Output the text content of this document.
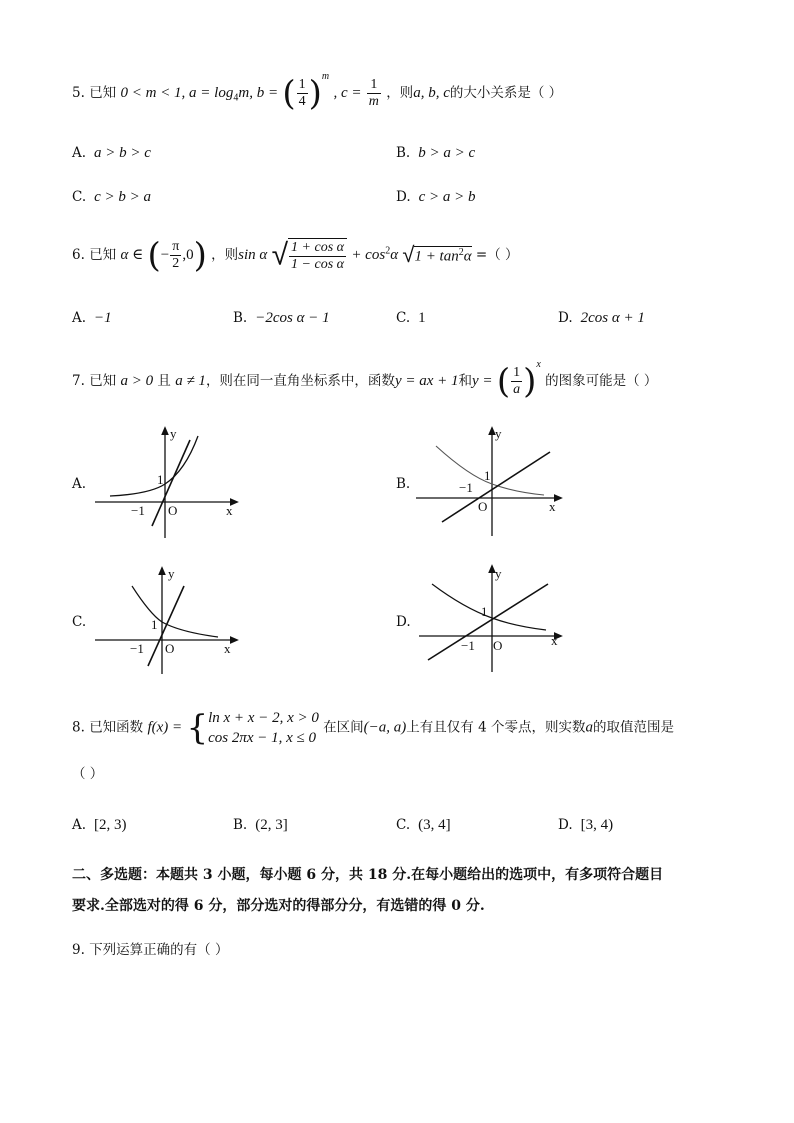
5. 已知 0 < m < 1, $a = \log_4m$, b = ( $\frac{1}{4} )^m$ , $c = \frac{1}{m}$ ，则a, b, c的大小关系是（ ）
A. a > b > c	B. b > a > c
C. c > b > a	D. c > a > b
6. 已知 α ∈ (− $\frac{\pi}{2} ,0$) ，则sin α √ $\frac{\text{1 + cos α}}{\text{1 − cos α}} + \cos^2\alpha$ $√1 + \tan^2\alpha$ =（ ）
A. −1	B. −2cos α − 1	C. 1	D. 2cos α + 1
7. 已知 a > 0 且 a ≠ 1，则在同一直角坐标系中，函数y = ax + 1和y = ( $\frac{1}{a} )^x$ 的图象可能是（ ）
A.
y
x
O
1
−1
B.
y
x
O
1
−1
C.
y
x
O
1
−1
D.
y
x
O
1
−1
8. 已知函数 f(x) = { ln x + x − 2, x > 0
cos 2πx − 1, x ≤ 0
在区间(−a, a)上有且仅有 4 个零点，则实数a的取值范围是
（ ）
A. [2, 3)	B. (2, 3]	C. (3, 4]	D. [3, 4)
二、多选题：本题共 3 小题，每小题 6 分，共 18 分.在每小题给出的选项中，有多项符合题目
要求.全部选对的得 6 分，部分选对的得部分分，有选错的得 0 分.
9. 下列运算正确的有（ ）
